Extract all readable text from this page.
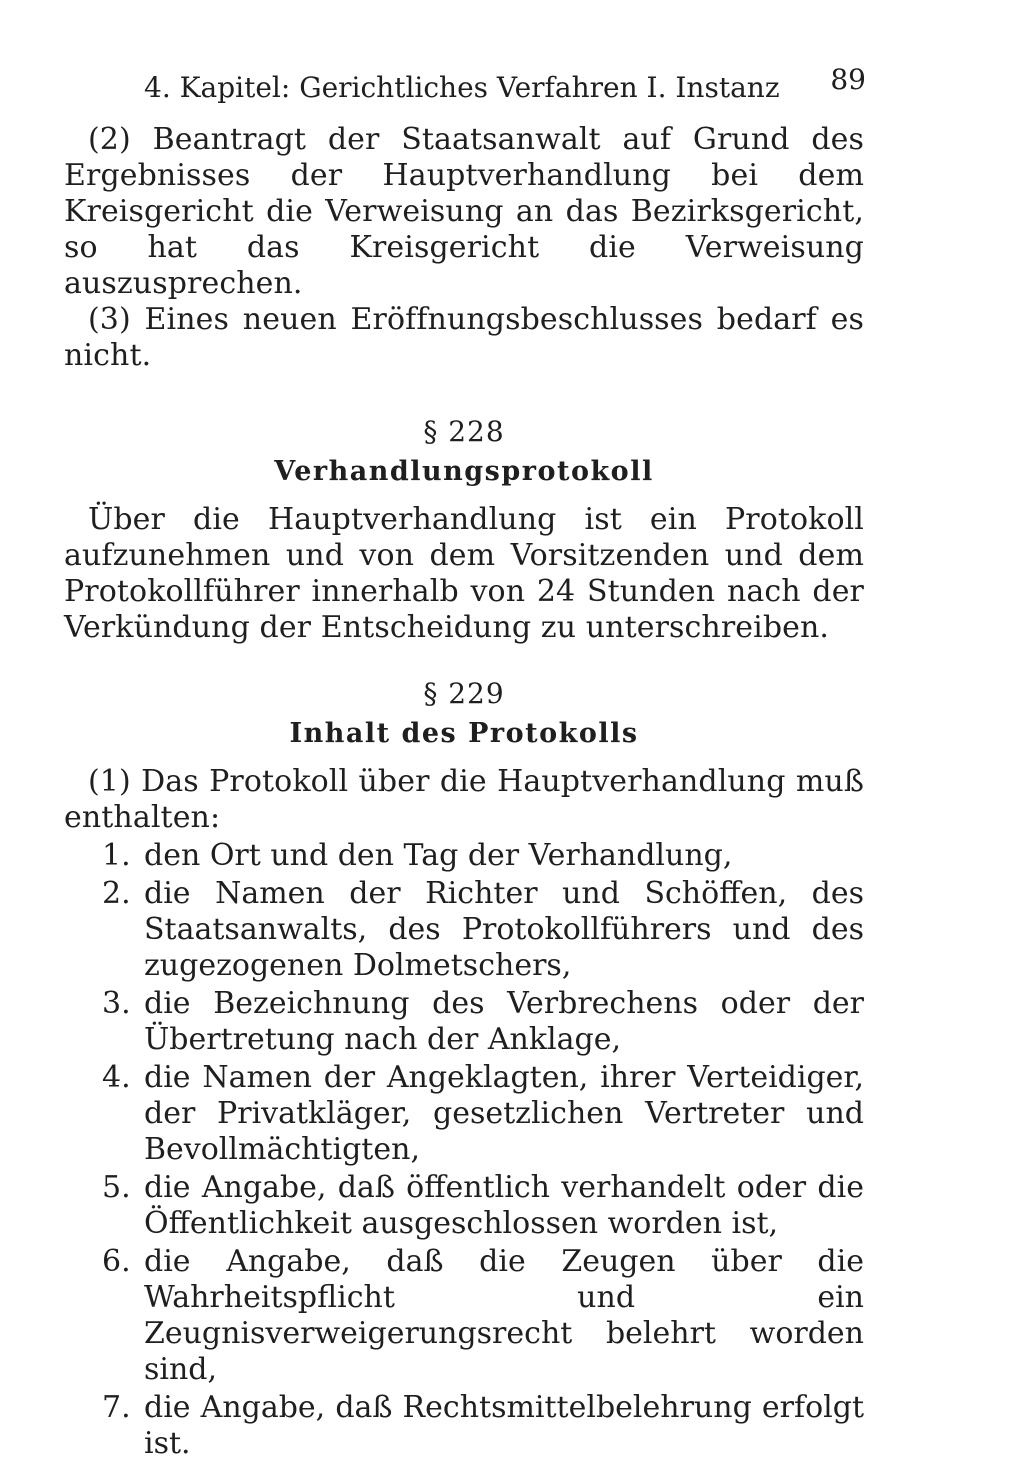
4. Kapitel: Gerichtliches Verfahren I. Instanz 89

(2) Beantragt der Staatsanwalt auf Grund des Ergebnisses der Hauptverhandlung bei dem Kreisgericht die Verweisung an das Bezirksgericht, so hat das Kreisgericht die Verweisung auszusprechen.

(3) Eines neuen Eröffnungsbeschlusses bedarf es nicht.

§ 228
Verhandlungsprotokoll

Über die Hauptverhandlung ist ein Protokoll aufzunehmen und von dem Vorsitzenden und dem Protokollführer innerhalb von 24 Stunden nach der Verkündung der Entscheidung zu unterschreiben.

§ 229
Inhalt des Protokolls

(1) Das Protokoll über die Hauptverhandlung muß enthalten:

1. den Ort und den Tag der Verhandlung,
2. die Namen der Richter und Schöffen, des Staatsanwalts, des Protokollführers und des zugezogenen Dolmetschers,
3. die Bezeichnung des Verbrechens oder der Übertretung nach der Anklage,
4. die Namen der Angeklagten, ihrer Verteidiger, der Privatkläger, gesetzlichen Vertreter und Bevollmächtigten,
5. die Angabe, daß öffentlich verhandelt oder die Öffentlichkeit ausgeschlossen worden ist,
6. die Angabe, daß die Zeugen über die Wahrheitspflicht und ein Zeugnisverweigerungsrecht belehrt worden sind,
7. die Angabe, daß Rechtsmittelbelehrung erfolgt ist.
